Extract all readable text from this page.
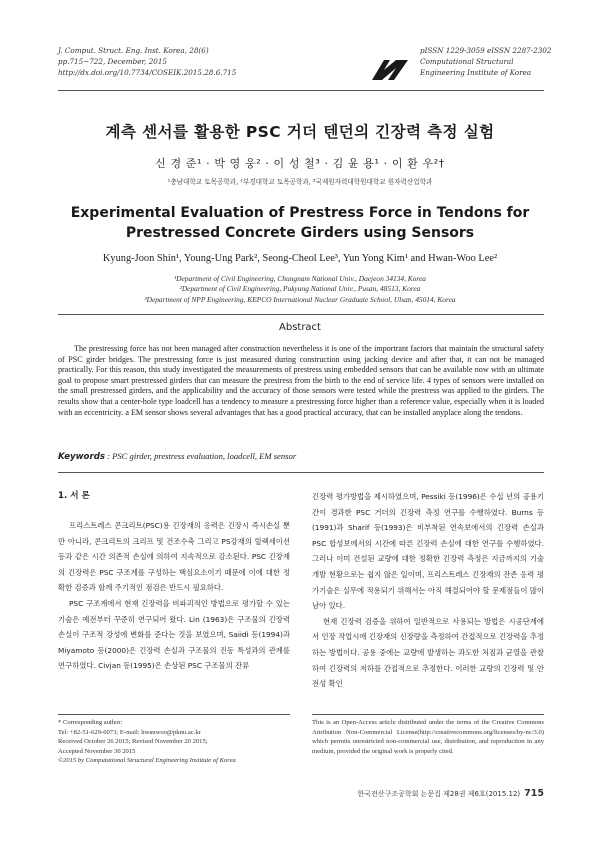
J. Comput. Struct. Eng. Inst. Korea, 28(6)
pp.715~722, December, 2015
http://dx.doi.org/10.7734/COSEIK.2015.28.6.715
pISSN 1229-3059 eISSN 2287-2302
Computational Structural
Engineering Institute of Korea
계측 센서를 활용한 PSC 거더 텐던의 긴장력 측정 실험
신 경 준¹ · 박 영 웅² · 이 성 철³ · 김 윤 용¹ · 이 환 우²†
¹충남대학교 토목공학과, ²부경대학교 토목공학과, ³국제원자력대학원대학교 원자력산업학과
Experimental Evaluation of Prestress Force in Tendons for Prestressed Concrete Girders using Sensors
Kyung-Joon Shin¹, Young-Ung Park², Seong-Cheol Lee³, Yun Yong Kim¹ and Hwan-Woo Lee²
¹Department of Civil Engineering, Chungnam National Univ., Daejeon 34134, Korea
²Department of Civil Engineering, Pukyung National Univ., Pusan, 48513, Korea
³Department of NPP Engineering, KEPCO International Nuclear Graduate School, Ulsan, 45014, Korea
Abstract
The prestressing force has not been managed after construction nevertheless it is one of the importrant factors that maintain the structural safety of PSC girder bridges. The prestressing force is just measured during construction using jacking device and after that, it can not be managed practically. For this reason, this study investigated the measurements of prestress using embedded sensors that can be available now with an ultimate goal to propose smart prestressed girders that can measure the prestress from the birth to the end of service life. 4 types of sensors were installed on the small prestressed girders, and the applicability and the accuracy of those sensors were tested while the prestress was applied to the girders. The results show that a center-hole type loadcell has a tendency to measure a prestressing force higher than a reference value, especially when it is loaded with an eccentricity. a EM sensor shows several advantages that has a good practical accuracy, that can be installed anyplace along the tendons.
Keywords : PSC girder, prestress evaluation, loadcell, EM sensor
1. 서 론

프리스트레스 콘크리트(PSC)용 긴장재의 응력은 긴장시 즉시손실 뿐만 아니라, 콘크리트의 크리프 및 건조수축 그리고 PS강재의 릴랙세이션 등과 같은 시간 의존적 손실에 의하여 지속적으로 감소된다. PSC 긴장재의 긴장력은 PSC 구조계를 구성하는 핵심요소이기 때문에 이에 대한 정확한 검증과 함께 주기적인 점검은 반드시 필요하다.

PSC 구조계에서 현재 긴장력을 비파괴적인 방법으로 평가할 수 있는 기술은 예전부터 꾸준히 연구되어 왔다. Lin (1963)은 구조물의 긴장력 손실이 구조적 강성에 변화를 준다는 것을 보였으며, Saiidi 등(1994)과 Miyamoto 등(2000)은 긴장력 손실과 구조물의 진동 특성과의 관계를 연구하였다. Civjan 등(1995)은 손상된 PSC 구조물의 잔류

긴장력 평가방법을 제시하였으며, Pessiki 등(1996)은 수십 년의 공용기간이 경과한 PSC 거더의 긴장력 측정 연구를 수행하였다. Burns 등(1991)과 Sharif 등(1993)은 비부착된 연속보에서의 긴장력 손실과 PSC 합성보에서의 시간에 따른 긴장력 손실에 대한 연구를 수행하였다. 그러나 이미 건설된 교량에 대한 정확한 긴장력 측정은 지금까지의 기술개발 현황으로는 쉽지 않은 일이며, 프리스트레스 긴장재의 잔존 응력 평가기술은 실무에 적용되기 위해서는 아직 해결되어야 할 문제점들이 많이 남아 있다.

현재 긴장력 검증을 위하여 일반적으로 사용되는 방법은 시공단계에서 인장 작업시에 긴장재의 신장량을 측정하여 간접적으로 긴장력을 추정하는 방법이다. 공용 중에는 교량에 발생하는 과도한 처짐과 균열을 관찰하여 긴장력의 저하를 간접적으로 추정한다. 이러한 교량의 긴장력 및 안전성 확인

* Corresponding author:
Tel: +82-51-629-6073; E-mail: hwanwoo@pknu.ac.kr
Received October 26 2015; Revised November 20 2015;
Accepted November 30 2015
©2015 by Computational Structural Engineering Institute of Korea
This is an Open-Access article distributed under the terms of the Creative Commons Attribution Non-Commercial License(http://creativecommons.org/licenses/by-nc/3.0) which permits unrestricted non-commercial use, distribution, and reproduction in any medium, provided the original work is properly cited.
한국전산구조공학회 논문집 제28권 제6호(2015.12) 715
